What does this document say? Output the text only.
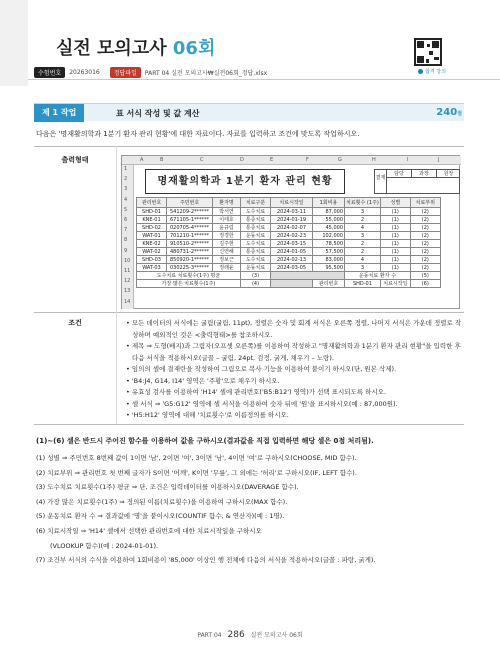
실전 모의고사 06회
합격 강의
수험번호	20263016	정답파일	PART 04 실전 모의고사₩실전06회_정답.xlsx
제 1 작업	표 서식 작성 및 값 계산	240점
다음은 '명재활의학과 1분기 환자 관리 현황'에 대한 자료이다. 자료를 입력하고 조건에 맞도록 작업하시오.
출력형태	A	B	C	D	E	F	G	H	I	J
1
2
3
4
5
6
7
8
9
10
11
12
13
14
명재활의학과 1분기 환자 관리 현황	결재
담당	과장	원장
관리번호	주민번호	환자명	치료구분	치료시작일	1회비용	치료횟수 (1주)	성별	치료부위
SHD-01	541209-2******	박서연	도수치료	2024-03-11	87,000	3	(1)	(2)
KNE-01	671105-1******	이태호	통증치료	2024-01-19	55,000	2	(1)	(2)
SHD-02	020705-4******	윤규림	통증치료	2024-02-07	45,000	4	(1)	(2)
WAT-01	701210-1******	정경한	운동치료	2024-02-23	102,000	3	(1)	(2)
KNE-02	910510-2******	김주현	도수치료	2024-03-15	78,500	2	(1)	(2)
WAT-02	480731-2******	신연해	통증치료	2024-01-05	57,500	2	(1)	(2)
SHD-03	850920-1******	정보근	도수치료	2024-02-13	83,000	4	(1)	(2)
WAT-03	030225-3******	정래윤	운동치료	2024-03-05	95,500	3	(1)	(2)
도수치료 치료횟수(1주) 평균			(3)			운동치료 환자 수		(5)
가장 많은 치료횟수(1주)			(4)		관리번호	SHD-01	치료시작일	(6)
조건	• 모든 데이터의 서식에는 굴림(굴림, 11pt), 정렬은 숫자 및 회계 서식은 오른쪽 정렬, 나머지 서식은 가운데 정렬로 작성하며 예외적인 것은 <출력형태>를 참조하시오.
• 제목 ⇒ 도형(배지)과 그림자(오프셋 오른쪽)를 이용하여 작성하고 "명재활의학과 1분기 환자 관리 현황"을 입력한 후 다음 서식을 적용하시오(글꼴 – 굴림, 24pt, 검정, 굵게, 채우기 – 노랑).
• 임의의 셀에 결재란을 작성하여 그림으로 복사 기능을 이용하여 붙이기 하시오(단, 원본 삭제).
• 'B4:J4, G14, I14' 영역은 '주황'으로 채우기 하시오.
• 유효성 검사를 이용하여 'H14' 셀에 관리번호('B5:B12') 영역)가 선택 표시되도록 하시오.
• 셀 서식 ⇒ 'G5:G12' 영역에 셀 서식을 이용하여 숫자 뒤에 '원'을 표시하시오(예 : 87,000원).
• 'H5:H12' 영역에 대해 '치료횟수'로 이름정의를 하시오.
(1)~(6) 셀은 반드시 주어진 함수를 이용하여 값을 구하시오(결과값을 직접 입력하면 해당 셀은 0점 처리됨).
(1) 성별 ⇒ 주민번호 8번째 값이 1이면 '남', 2이면 '여', 3이면 '남', 4이면 '여'로 구하시오(CHOOSE, MID 함수).
(2) 치료부위 ⇒ 관리번호 첫 번째 글자가 S이면 '어깨', K이면 '무릎', 그 외에는 '허리'로 구하시오(IF, LEFT 함수).
(3) 도수치료 치료횟수(1주) 평균 ⇒ 단, 조건은 입력데이터를 이용하시오(DAVERAGE 함수).
(4) 가장 많은 치료횟수(1주) ⇒ 정의된 이름(치료횟수)을 이용하여 구하시오(MAX 함수).
(5) 운동치료 환자 수 ⇒ 결과값에 '명'을 붙이시오(COUNTIF 함수, & 연산자)(예 : 1명).
(6) 치료시작일 ⇒ 'H14' 셀에서 선택한 관리번호에 대한 치료시작일을 구하시오
(VLOOKUP 함수)(예 : 2024-01-01).
(7) 조건부 서식의 수식을 이용하여 1회비용이 '85,000' 이상인 행 전체에 다음의 서식을 적용하시오(글꼴 : 파랑, 굵게).
PART 04 286 실전 모의고사 06회
